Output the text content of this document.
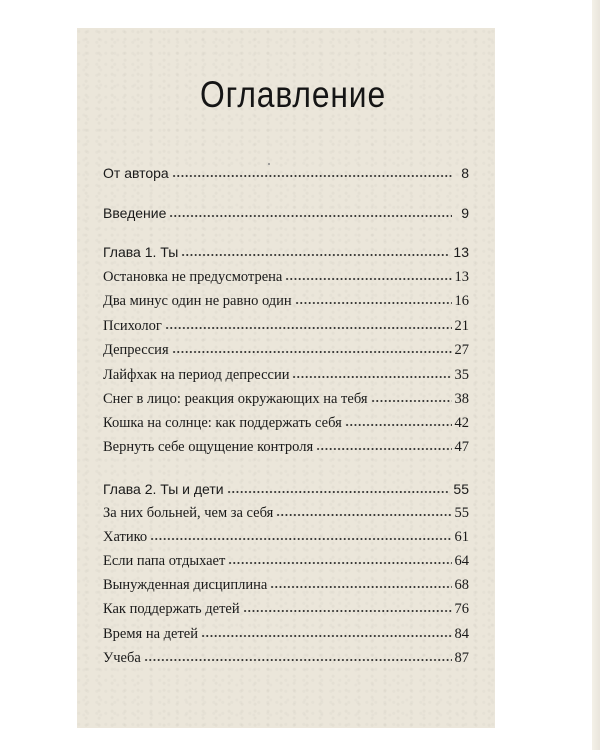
Оглавление
От автора	8
Введение	9
Глава 1. Ты	13
Остановка не предусмотрена	13
Два минус один не равно один	16
Психолог	21
Депрессия	27
Лайфхак на период депрессии	35
Снег в лицо: реакция окружающих на тебя	38
Кошка на солнце: как поддержать себя	42
Вернуть себе ощущение контроля	47
Глава 2. Ты и дети	55
За них больней, чем за себя	55
Хатико	61
Если папа отдыхает	64
Вынужденная дисциплина	68
Как поддержать детей	76
Время на детей	84
Учеба	87
